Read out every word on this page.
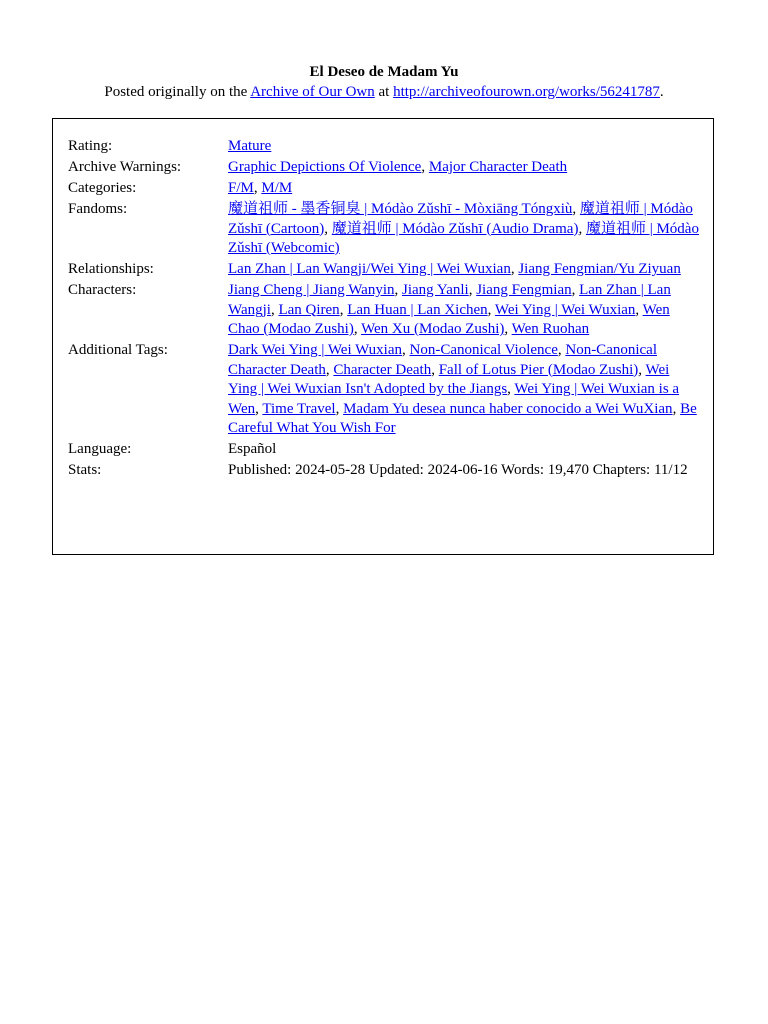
El Deseo de Madam Yu
Posted originally on the Archive of Our Own at http://archiveofourown.org/works/56241787.
Rating:	Mature
Archive Warnings:	Graphic Depictions Of Violence, Major Character Death
Categories:	F/M, M/M
Fandoms:	魔道祖师 - 墨香铜臭 | Módào Zǔshī - Mòxiāng Tóngxiù, 魔道祖师 | Módào Zǔshī (Cartoon), 魔道祖师 | Módào Zǔshī (Audio Drama), 魔道祖师 | Módào Zǔshī (Webcomic)
Relationships:	Lan Zhan | Lan Wangji/Wei Ying | Wei Wuxian, Jiang Fengmian/Yu Ziyuan
Characters:	Jiang Cheng | Jiang Wanyin, Jiang Yanli, Jiang Fengmian, Lan Zhan | Lan Wangji, Lan Qiren, Lan Huan | Lan Xichen, Wei Ying | Wei Wuxian, Wen Chao (Modao Zushi), Wen Xu (Modao Zushi), Wen Ruohan
Additional Tags:	Dark Wei Ying | Wei Wuxian, Non-Canonical Violence, Non-Canonical Character Death, Character Death, Fall of Lotus Pier (Modao Zushi), Wei Ying | Wei Wuxian Isn't Adopted by the Jiangs, Wei Ying | Wei Wuxian is a Wen, Time Travel, Madam Yu desea nunca haber conocido a Wei WuXian, Be Careful What You Wish For
Language:	Español
Stats:	Published: 2024-05-28 Updated: 2024-06-16 Words: 19,470 Chapters: 11/12
